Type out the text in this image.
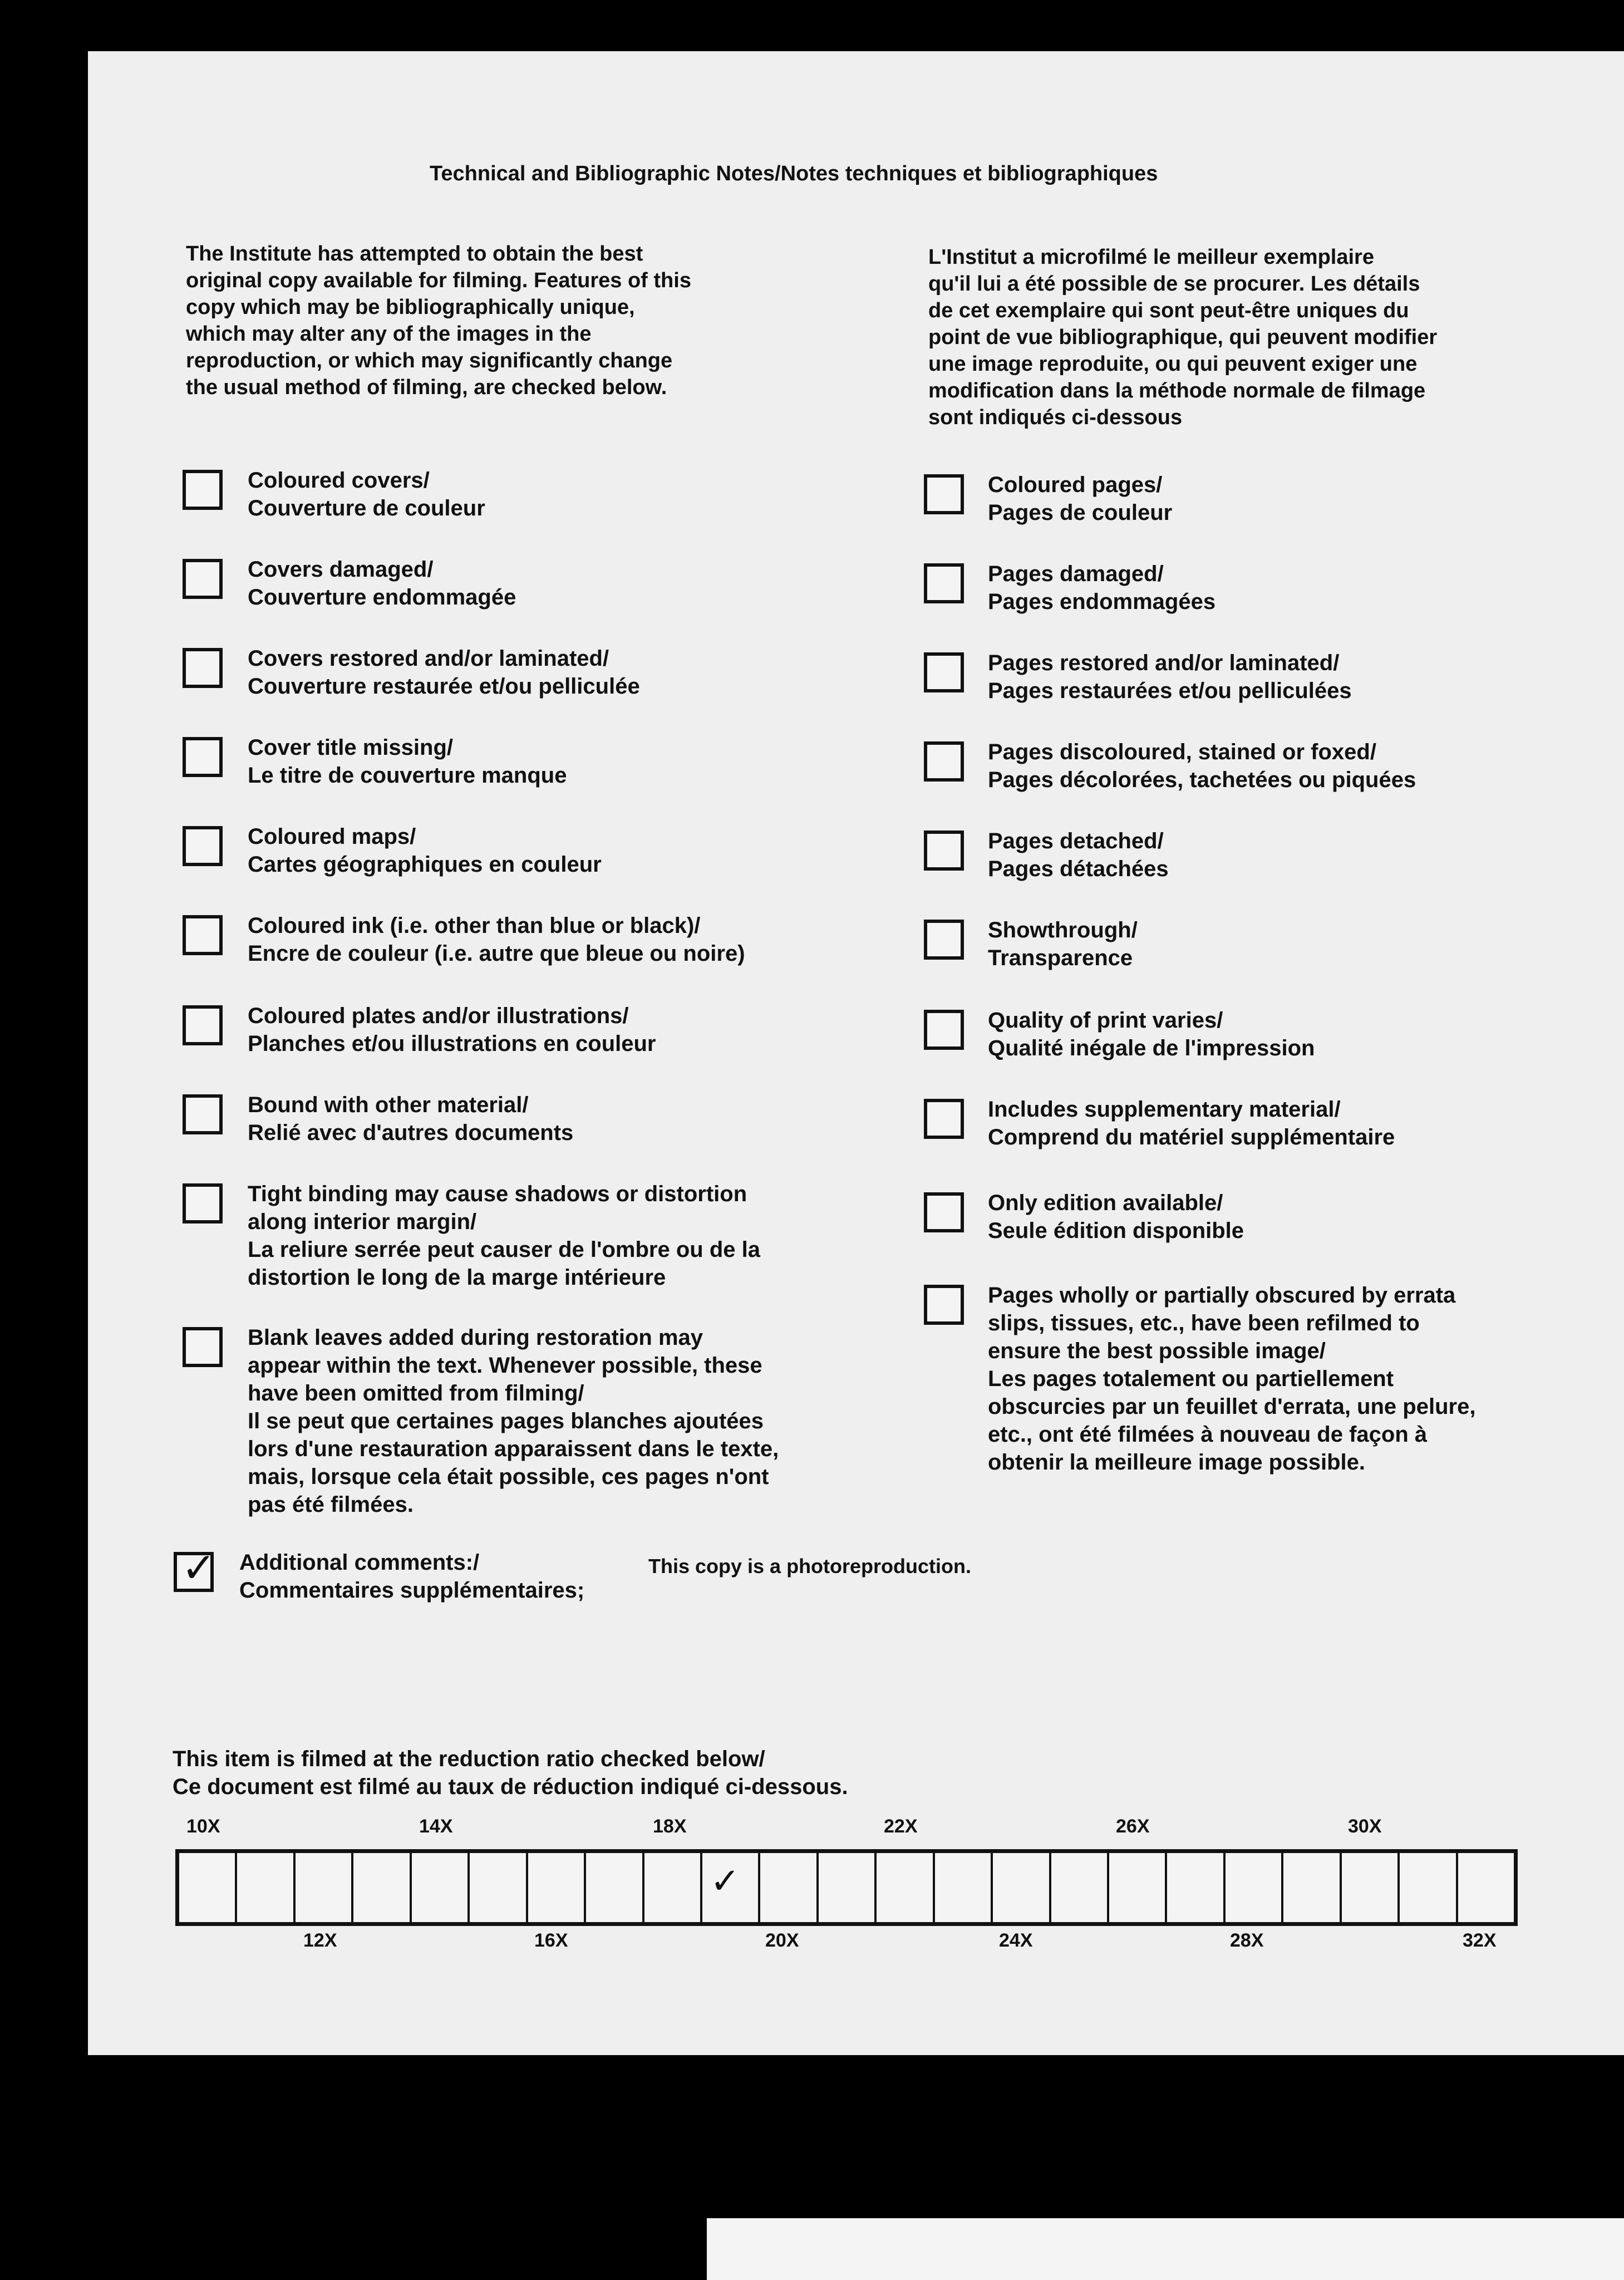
Technical and Bibliographic Notes/Notes techniques et bibliographiques
The Institute has attempted to obtain the best
original copy available for filming. Features of this
copy which may be bibliographically unique,
which may alter any of the images in the
reproduction, or which may significantly change
the usual method of filming, are checked below.
L'Institut a microfilmé le meilleur exemplaire
qu'il lui a été possible de se procurer. Les détails
de cet exemplaire qui sont peut-être uniques du
point de vue bibliographique, qui peuvent modifier
une image reproduite, ou qui peuvent exiger une
modification dans la méthode normale de filmage
sont indiqués ci-dessous
Coloured covers/
Couverture de couleur
Covers damaged/
Couverture endommagée
Covers restored and/or laminated/
Couverture restaurée et/ou pelliculée
Cover title missing/
Le titre de couverture manque
Coloured maps/
Cartes géographiques en couleur
Coloured ink (i.e. other than blue or black)/
Encre de couleur (i.e. autre que bleue ou noire)
Coloured plates and/or illustrations/
Planches et/ou illustrations en couleur
Bound with other material/
Relié avec d'autres documents
Tight binding may cause shadows or distortion
along interior margin/
La reliure serrée peut causer de l'ombre ou de la
distortion le long de la marge intérieure
Blank leaves added during restoration may
appear within the text. Whenever possible, these
have been omitted from filming/
Il se peut que certaines pages blanches ajoutées
lors d'une restauration apparaissent dans le texte,
mais, lorsque cela était possible, ces pages n'ont
pas été filmées.
Coloured pages/
Pages de couleur
Pages damaged/
Pages endommagées
Pages restored and/or laminated/
Pages restaurées et/ou pelliculées
Pages discoloured, stained or foxed/
Pages décolorées, tachetées ou piquées
Pages detached/
Pages détachées
Showthrough/
Transparence
Quality of print varies/
Qualité inégale de l'impression
Includes supplementary material/
Comprend du matériel supplémentaire
Only edition available/
Seule édition disponible
Pages wholly or partially obscured by errata
slips, tissues, etc., have been refilmed to
ensure the best possible image/
Les pages totalement ou partiellement
obscurcies par un feuillet d'errata, une pelure,
etc., ont été filmées à nouveau de façon à
obtenir la meilleure image possible.
✓ Additional comments:/
Commentaires supplémentaires;
This copy is a photoreproduction.
This item is filmed at the reduction ratio checked below/
Ce document est filmé au taux de réduction indiqué ci-dessous.
10X	14X	18X	22X	26X	30X
✓
12X	16X	20X	24X	28X	32X
